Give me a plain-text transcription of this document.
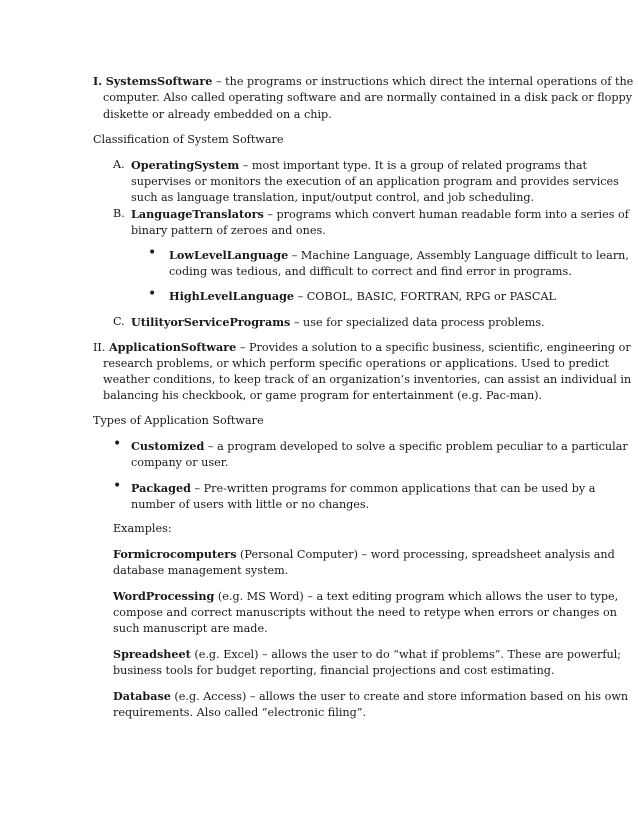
I. SystemsSoftware – the programs or instructions which direct the internal operations of the
computer. Also called operating software and are normally contained in a disk pack or floppy
diskette or already embedded on a chip.
Classification of System Software
A. OperatingSystem – most important type. It is a group of related programs that
supervises or monitors the execution of an application program and provides services
such as language translation, input/output control, and job scheduling.
B. LanguageTranslators – programs which convert human readable form into a series of
binary pattern of zeroes and ones.
• LowLevelLanguage – Machine Language, Assembly Language difficult to learn,
coding was tedious, and difficult to correct and find error in programs.
• HighLevelLanguage – COBOL, BASIC, FORTRAN, RPG or PASCAL
C. UtilityorServicePrograms – use for specialized data process problems.
II. ApplicationSoftware – Provides a solution to a specific business, scientific, engineering or
research problems, or which perform specific operations or applications. Used to predict
weather conditions, to keep track of an organization’s inventories, can assist an individual in
balancing his checkbook, or game program for entertainment (e.g. Pac-man).
Types of Application Software
• Customized – a program developed to solve a specific problem peculiar to a particular
company or user.
• Packaged – Pre-written programs for common applications that can be used by a
number of users with little or no changes.
Examples:
Formicrocomputers (Personal Computer) – word processing, spreadsheet analysis and
database management system.
WordProcessing (e.g. MS Word) – a text editing program which allows the user to type,
compose and correct manuscripts without the need to retype when errors or changes on
such manuscript are made.
Spreadsheet (e.g. Excel) – allows the user to do “what if problems”. These are powerful;
business tools for budget reporting, financial projections and cost estimating.
Database (e.g. Access) – allows the user to create and store information based on his own
requirements. Also called “electronic filing”.
